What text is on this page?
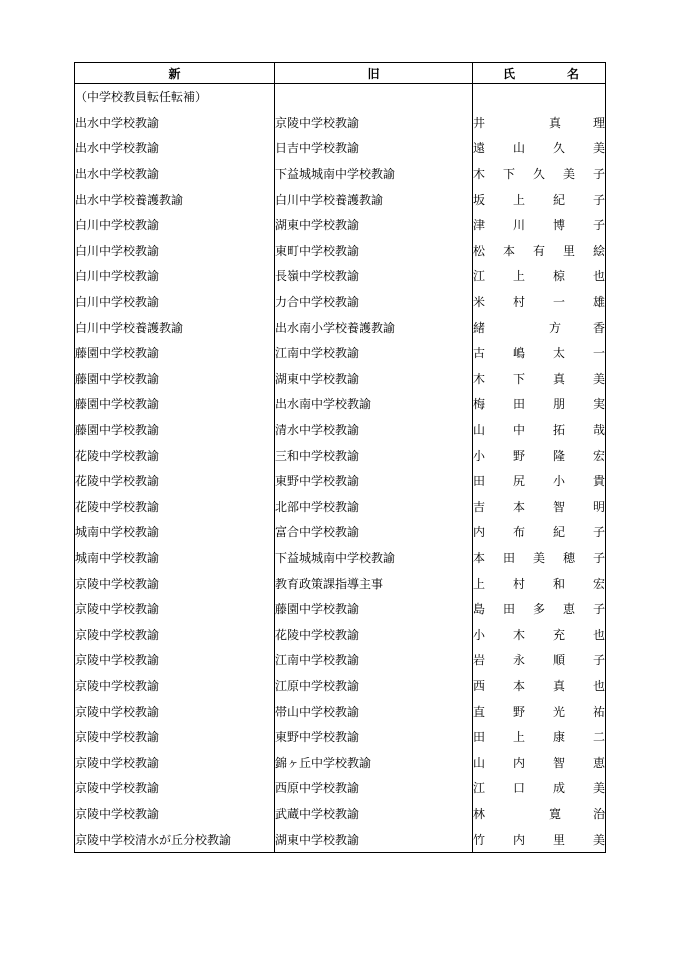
新	旧	氏 名

（中学校教員転任転補）		
出水中学校教諭	京陵中学校教諭	井 真 理

出水中学校教諭	日吉中学校教諭	遠 山 久 美

出水中学校教諭	下益城城南中学校教諭	木 下 久 美 子

出水中学校養護教諭	白川中学校養護教諭	坂 上 紀 子

白川中学校教諭	湖東中学校教諭	津 川 博 子

白川中学校教諭	東町中学校教諭	松 本 有 里 絵

白川中学校教諭	長嶺中学校教諭	江 上 椋 也

白川中学校教諭	力合中学校教諭	米 村 一 雄

白川中学校養護教諭	出水南小学校養護教諭	緒 方 香

藤園中学校教諭	江南中学校教諭	古 嶋 太 一

藤園中学校教諭	湖東中学校教諭	木 下 真 美

藤園中学校教諭	出水南中学校教諭	梅 田 朋 実

藤園中学校教諭	清水中学校教諭	山 中 拓 哉

花陵中学校教諭	三和中学校教諭	小 野 隆 宏

花陵中学校教諭	東野中学校教諭	田 尻 小 貴

花陵中学校教諭	北部中学校教諭	吉 本 智 明

城南中学校教諭	富合中学校教諭	内 布 紀 子

城南中学校教諭	下益城城南中学校教諭	本 田 美 穂 子

京陵中学校教諭	教育政策課指導主事	上 村 和 宏

京陵中学校教諭	藤園中学校教諭	島 田 多 恵 子

京陵中学校教諭	花陵中学校教諭	小 木 充 也

京陵中学校教諭	江南中学校教諭	岩 永 順 子

京陵中学校教諭	江原中学校教諭	西 本 真 也

京陵中学校教諭	帯山中学校教諭	直 野 光 祐

京陵中学校教諭	東野中学校教諭	田 上 康 二

京陵中学校教諭	錦ヶ丘中学校教諭	山 内 智 恵

京陵中学校教諭	西原中学校教諭	江 口 成 美

京陵中学校教諭	武蔵中学校教諭	林 寛 治

京陵中学校清水が丘分校教諭	湖東中学校教諭	竹 内 里 美
